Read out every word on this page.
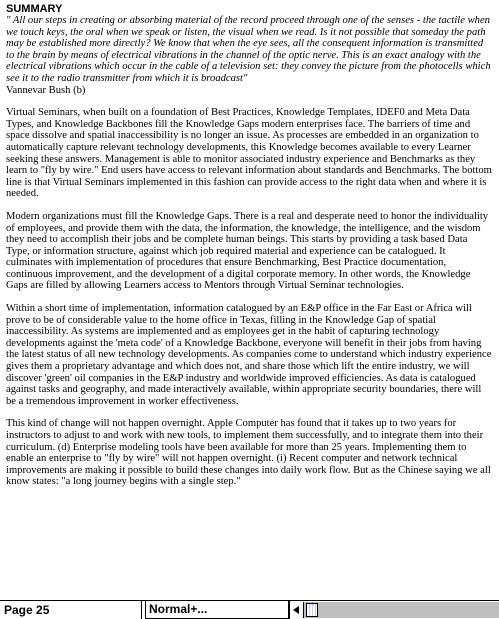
SUMMARY

" All our steps in creating or absorbing material of the record proceed through one of the senses - the tactile when we touch keys, the oral when we speak or listen, the visual when we read. Is it not possible that someday the path may be established more directly? We know that when the eye sees, all the consequent information is transmitted to the brain by means of electrical vibrations in the channel of the optic nerve. This is an exact analogy with the electrical vibrations which occur in the cable of a television set: they convey the picture from the photocells which see it to the radio transmitter from which it is broadcast"

Vannevar Bush (b)

Virtual Seminars, when built on a foundation of Best Practices, Knowledge Templates, IDEF0 and Meta Data Types, and Knowledge Backbones fill the Knowledge Gaps modern enterprises face. The barriers of time and space dissolve and spatial inaccessibility is no longer an issue. As processes are embedded in an organization to automatically capture relevant technology developments, this Knowledge becomes available to every Learner seeking these answers. Management is able to monitor associated industry experience and Benchmarks as they learn to "fly by wire." End users have access to relevant information about standards and Benchmarks. The bottom line is that Virtual Seminars implemented in this fashion can provide access to the right data when and where it is needed.

Modern organizations must fill the Knowledge Gaps. There is a real and desperate need to honor the individuality of employees, and provide them with the data, the information, the knowledge, the intelligence, and the wisdom they need to accomplish their jobs and be complete human beings. This starts by providing a task based Data Type, or information structure, against which job required material and experience can be catalogued. It culminates with implementation of procedures that ensure Benchmarking, Best Practice documentation, continuous improvement, and the development of a digital corporate memory. In other words, the Knowledge Gaps are filled by allowing Learners access to Mentors through Virtual Seminar technologies.

Within a short time of implementation, information catalogued by an E&P office in the Far East or Africa will prove to be of considerable value to the home office in Texas, filling in the Knowledge Gap of spatial inaccessibility. As systems are implemented and as employees get in the habit of capturing technology developments against the 'meta code' of a Knowledge Backbone, everyone will benefit in their jobs from having the latest status of all new technology developments. As companies come to understand which industry experience gives them a proprietary advantage and which does not, and share those which lift the entire industry, we will discover 'green' oil companies in the E&P industry and worldwide improved efficiencies. As data is catalogued against tasks and geography, and made interactively available, within appropriate security boundaries, there will be a tremendous improvement in worker effectiveness.

This kind of change will not happen overnight. Apple Computer has found that it takes up to two years for instructors to adjust to and work with new tools, to implement them successfully, and to integrate them into their curriculum. (d) Enterprise modeling tools have been available for more than 25 years. Implementing them to enable an enterprise to "fly by wire" will not happen overnight. (i) Recent computer and network technical improvements are making it possible to build these changes into daily work flow. But as the Chinese saying we all know states: "a long journey begins with a single step."

Page 25	Normal+...
